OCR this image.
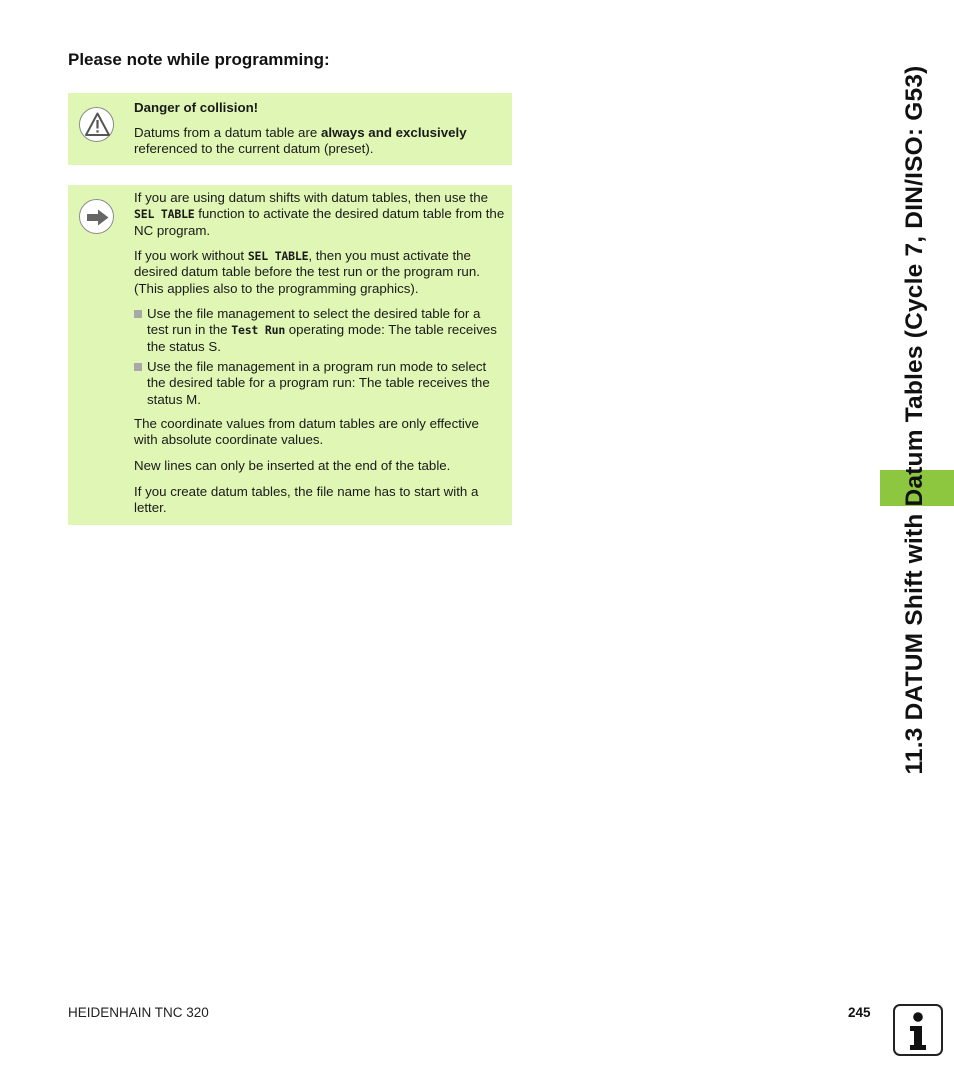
Please note while programming:
Danger of collision!
Datums from a datum table are always and exclusively referenced to the current datum (preset).
If you are using datum shifts with datum tables, then use the SEL TABLE function to activate the desired datum table from the NC program.
If you work without SEL TABLE, then you must activate the desired datum table before the test run or the program run. (This applies also to the programming graphics).
Use the file management to select the desired table for a test run in the Test Run operating mode: The table receives the status S.
Use the file management in a program run mode to select the desired table for a program run: The table receives the status M.
The coordinate values from datum tables are only effective with absolute coordinate values.
New lines can only be inserted at the end of the table.
If you create datum tables, the file name has to start with a letter.	11.3 DATUM Shift with Datum Tables (Cycle 7, DIN/ISO: G53)
HEIDENHAIN TNC 320	245
